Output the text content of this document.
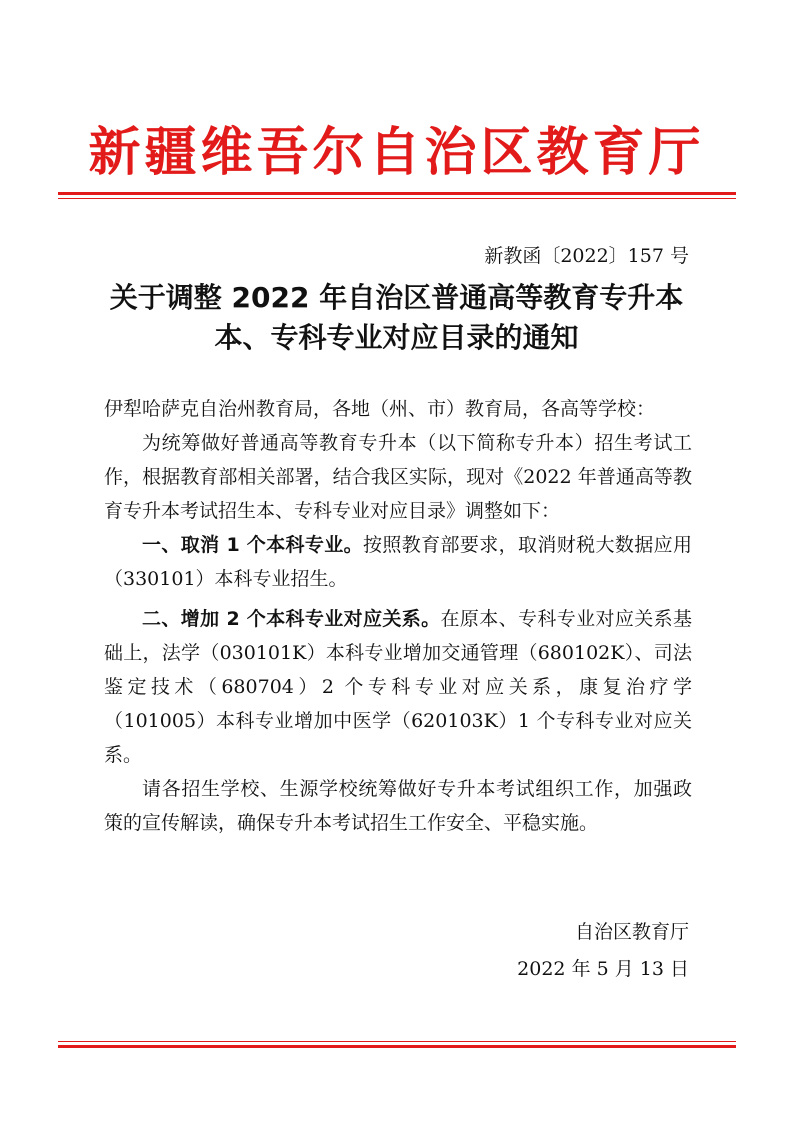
新疆维吾尔自治区教育厅

新教函〔2022〕157 号

关于调整 2022 年自治区普通高等教育专升本
本、专科专业对应目录的通知

伊犁哈萨克自治州教育局，各地（州、市）教育局，各高等学校：

为统筹做好普通高等教育专升本（以下简称专升本）招生考试工作，根据教育部相关部署，结合我区实际，现对《2022 年普通高等教育专升本考试招生本、专科专业对应目录》调整如下：

一、取消 1 个本科专业。按照教育部要求，取消财税大数据应用（330101）本科专业招生。

二、增加 2 个本科专业对应关系。在原本、专科专业对应关系基础上，法学（030101K）本科专业增加交通管理（680102K）、司法鉴定技术（680704）2 个专科专业对应关系，康复治疗学（101005）本科专业增加中医学（620103K）1 个专科专业对应关系。

请各招生学校、生源学校统筹做好专升本考试组织工作，加强政策的宣传解读，确保专升本考试招生工作安全、平稳实施。

自治区教育厅

2022 年 5 月 13 日
